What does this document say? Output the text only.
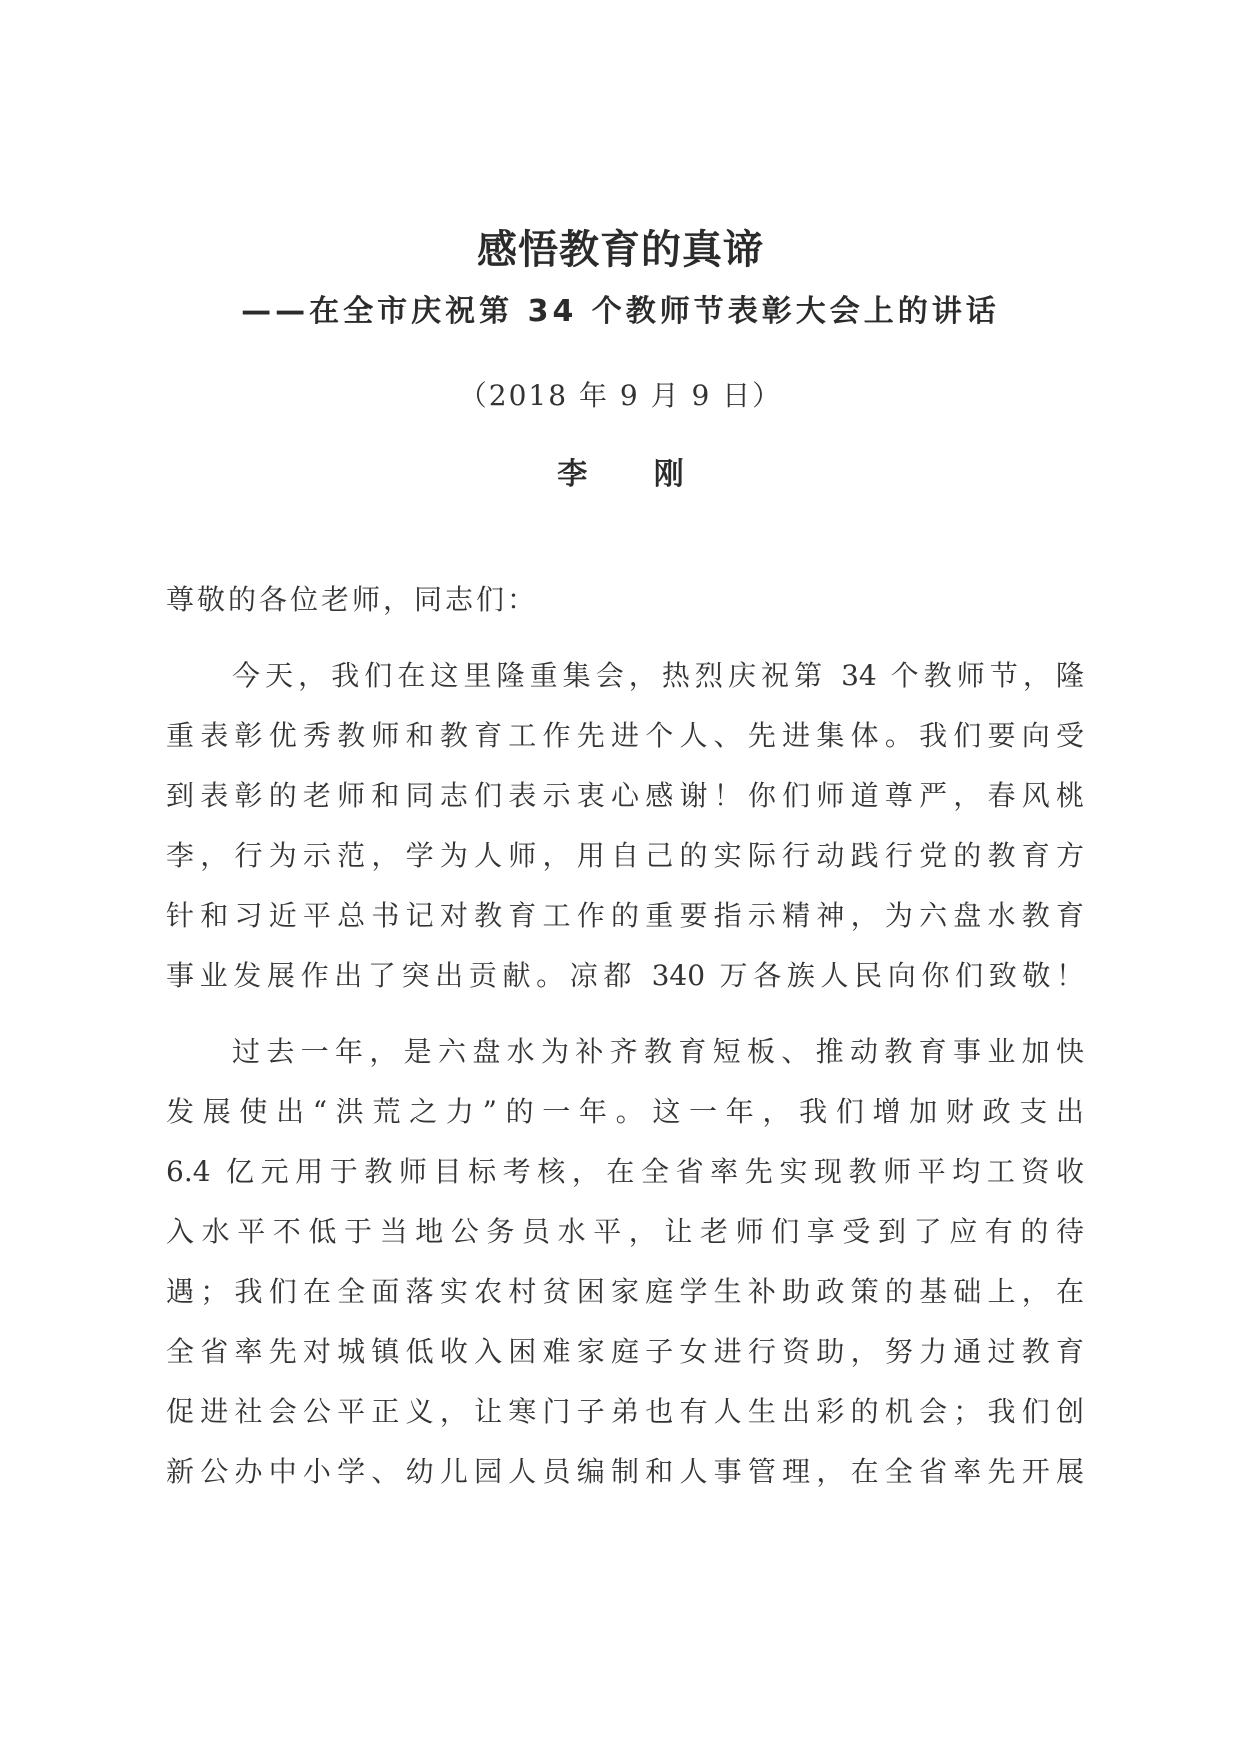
感悟教育的真谛
——在全市庆祝第 34 个教师节表彰大会上的讲话
（2018 年 9 月 9 日）
李 刚
尊敬的各位老师，同志们：
今天，我们在这里隆重集会，热烈庆祝第 34 个教师节，隆
重表彰优秀教师和教育工作先进个人、先进集体。我们要向受
到表彰的老师和同志们表示衷心感谢！你们师道尊严，春风桃
李，行为示范，学为人师，用自己的实际行动践行党的教育方
针和习近平总书记对教育工作的重要指示精神，为六盘水教育
事业发展作出了突出贡献。凉都 340 万各族人民向你们致敬！
过去一年，是六盘水为补齐教育短板、推动教育事业加快
发展使出“洪荒之力”的一年。这一年，我们增加财政支出
6.4 亿元用于教师目标考核，在全省率先实现教师平均工资收
入水平不低于当地公务员水平，让老师们享受到了应有的待
遇；我们在全面落实农村贫困家庭学生补助政策的基础上，在
全省率先对城镇低收入困难家庭子女进行资助，努力通过教育
促进社会公平正义，让寒门子弟也有人生出彩的机会；我们创
新公办中小学、幼儿园人员编制和人事管理，在全省率先开展
